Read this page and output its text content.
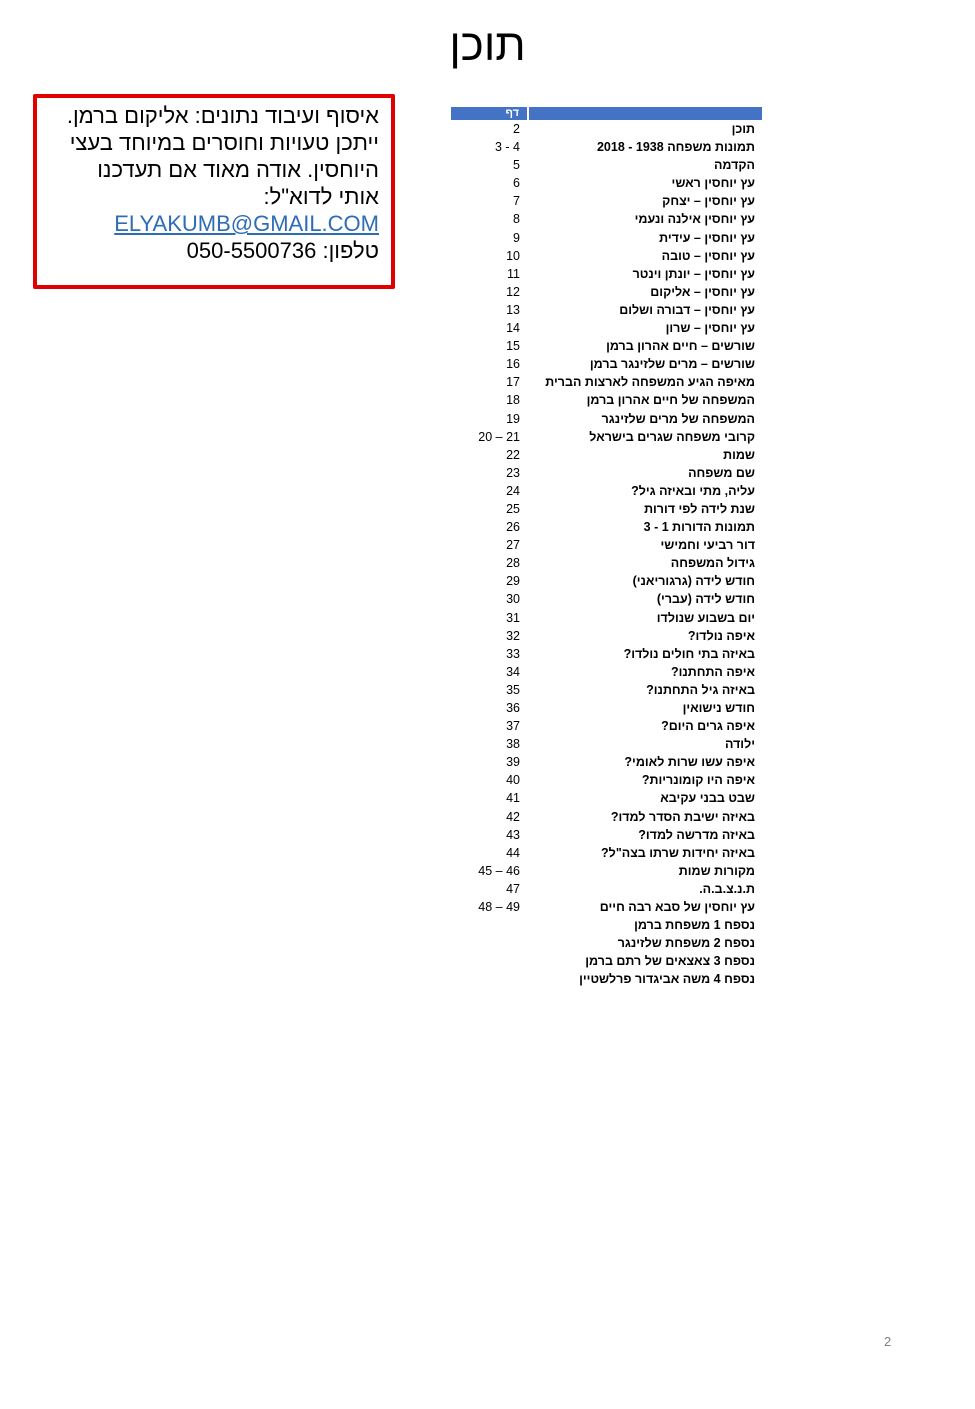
תוכן
איסוף ועיבוד נתונים: אליקום ברמן.
ייתכן טעויות וחוסרים במיוחד בעצי
היוחסין. אודה מאוד אם תעדכנו
אותי לדוא"ל:
ELYAKUMB@GMAIL.COM
טלפון: 050-5500736
דף
2	תוכן
3 - 4	תמונות משפחה 1938 - 2018
5	הקדמה
6	עץ יוחסין ראשי
7	עץ יוחסין – יצחק
8	עץ יוחסין אילנה ונעמי
9	עץ יוחסין – עידית
10	עץ יוחסין – טובה
11	עץ יוחסין – יונתן וינטר
12	עץ יוחסין – אליקום
13	עץ יוחסין – דבורה ושלום
14	עץ יוחסין – שרון
15	שורשים – חיים אהרון ברמן
16	שורשים – מרים שלזינגר ברמן
17	מאיפה הגיע המשפחה לארצות הברית
18	המשפחה של חיים אהרון ברמן
19	המשפחה של מרים שלזינגר
20 – 21	קרובי משפחה שגרים בישראל
22	שמות
23	שם משפחה
24	עליה, מתי ובאיזה גיל?
25	שנת לידה לפי דורות
26	תמונות הדורות 1 - 3
27	דור רביעי וחמישי
28	גידול המשפחה
29	חודש לידה (גרגוריאני)
30	חודש לידה (עברי)
31	יום בשבוע שנולדו
32	איפה נולדו?
33	באיזה בתי חולים נולדו?
34	איפה התחתנו?
35	באיזה גיל התחתנו?
36	חודש נישואין
37	איפה גרים היום?
38	ילודה
39	איפה עשו שרות לאומי?
40	איפה היו קומונריות?
41	שבט בבני עקיבא
42	באיזה ישיבת הסדר למדו?
43	באיזה מדרשה למדו?
44	באיזה יחידות שרתו בצה"ל?
45 – 46	מקורות שמות
47	ת.נ.צ.ב.ה.
48 – 49	עץ יוחסין של סבא רבה חיים
נספח 1 משפחת ברמן
נספח 2 משפחת שלזינגר
נספח 3 צאצאים של רתם ברמן
נספח 4 משה אביגדור פרלשטיין
2
